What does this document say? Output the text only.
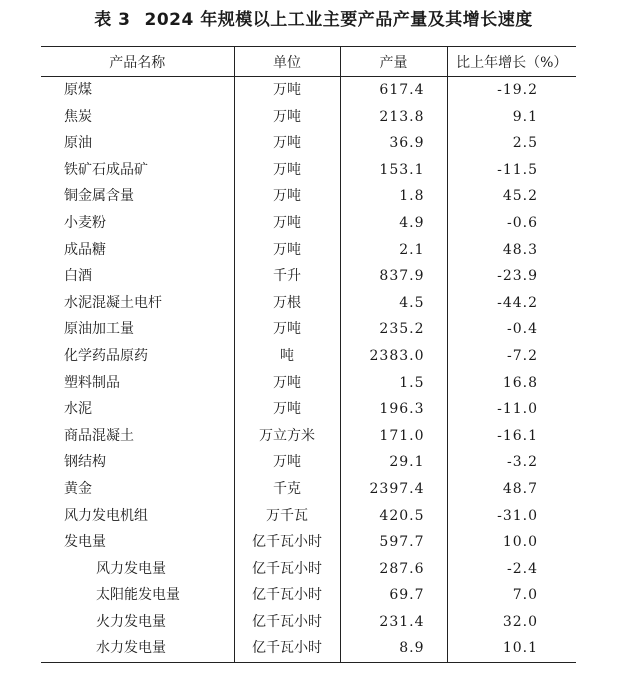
表 3 2024 年规模以上工业主要产品产量及其增长速度
产品名称	单位	产量	比上年增长（%）
原煤	万吨	617.4	-19.2
焦炭	万吨	213.8	9.1
原油	万吨	36.9	2.5
铁矿石成品矿	万吨	153.1	-11.5
铜金属含量	万吨	1.8	45.2
小麦粉	万吨	4.9	-0.6
成品糖	万吨	2.1	48.3
白酒	千升	837.9	-23.9
水泥混凝土电杆	万根	4.5	-44.2
原油加工量	万吨	235.2	-0.4
化学药品原药	吨	2383.0	-7.2
塑料制品	万吨	1.5	16.8
水泥	万吨	196.3	-11.0
商品混凝土	万立方米	171.0	-16.1
钢结构	万吨	29.1	-3.2
黄金	千克	2397.4	48.7
风力发电机组	万千瓦	420.5	-31.0
发电量	亿千瓦小时	597.7	10.0
风力发电量	亿千瓦小时	287.6	-2.4
太阳能发电量	亿千瓦小时	69.7	7.0
火力发电量	亿千瓦小时	231.4	32.0
水力发电量	亿千瓦小时	8.9	10.1
